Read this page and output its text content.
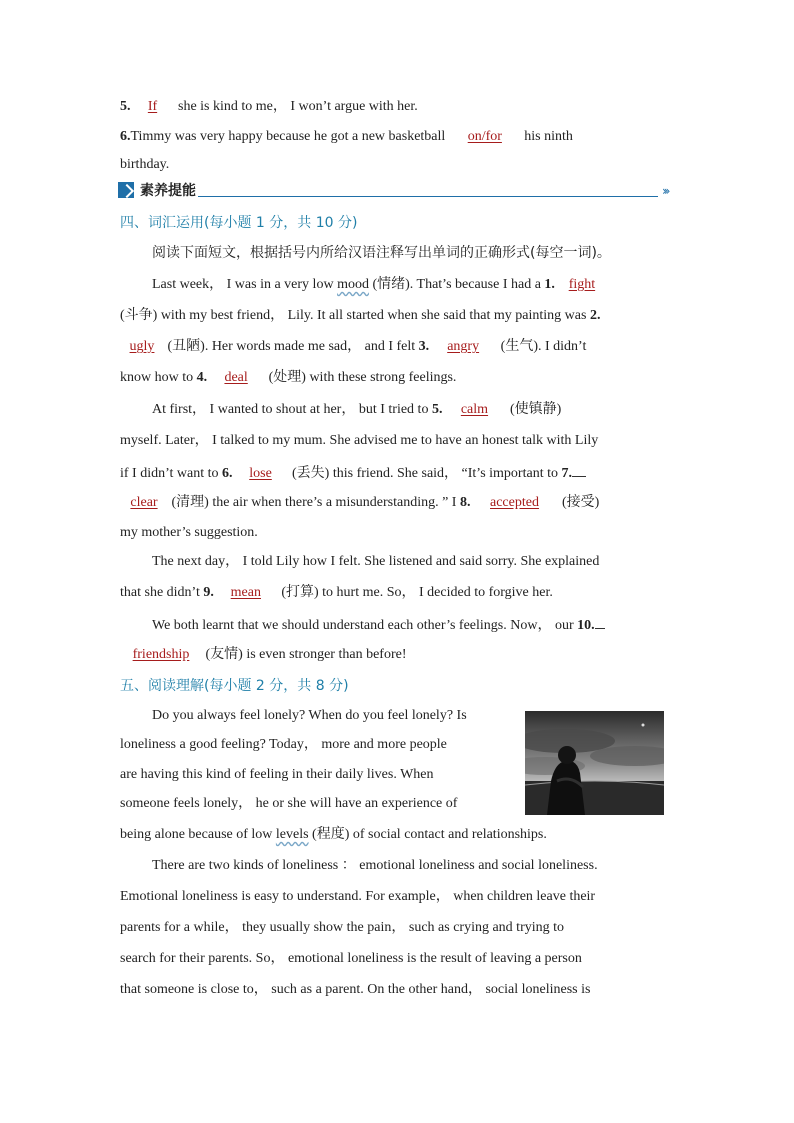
5. If she is kind to me， I won’t argue with her.
6.Timmy was very happy because he got a new basketball on/for his ninth
birthday.
素养提能	›››
四、词汇运用(每小题 1 分，共 10 分)
阅读下面短文，根据括号内所给汉语注释写出单词的正确形式(每空一词)。
Last week， I was in a very low mood (情绪). That’s because I had a 1. fight
(斗争) with my best friend， Lily. It all started when she said that my painting was 2.
ugly (丑陋). Her words made me sad， and I felt 3. angry (生气). I didn’t
know how to 4. deal (处理) with these strong feelings.
At first， I wanted to shout at her， but I tried to 5. calm (使镇静)
myself. Later， I talked to my mum. She advised me to have an honest talk with Lily
if I didn’t want to 6. lose (丢失) this friend. She said， “It’s important to 7.
clear (清理) the air when there’s a misunderstanding. ” I 8. accepted (接受)
my mother’s suggestion.
The next day， I told Lily how I felt. She listened and said sorry. She explained
that she didn’t 9. mean (打算) to hurt me. So， I decided to forgive her.
We both learnt that we should understand each other’s feelings. Now， our 10.
friendship (友情) is even stronger than before!
五、阅读理解(每小题 2 分，共 8 分)
Do you always feel lonely? When do you feel lonely? Is
loneliness a good feeling? Today， more and more people
are having this kind of feeling in their daily lives. When
someone feels lonely， he or she will have an experience of
being alone because of low levels (程度) of social contact and relationships.
There are two kinds of loneliness ： emotional loneliness and social loneliness.
Emotional loneliness is easy to understand. For example， when children leave their
parents for a while， they usually show the pain， such as crying and trying to
search for their parents. So， emotional loneliness is the result of leaving a person
that someone is close to， such as a parent. On the other hand， social loneliness is
